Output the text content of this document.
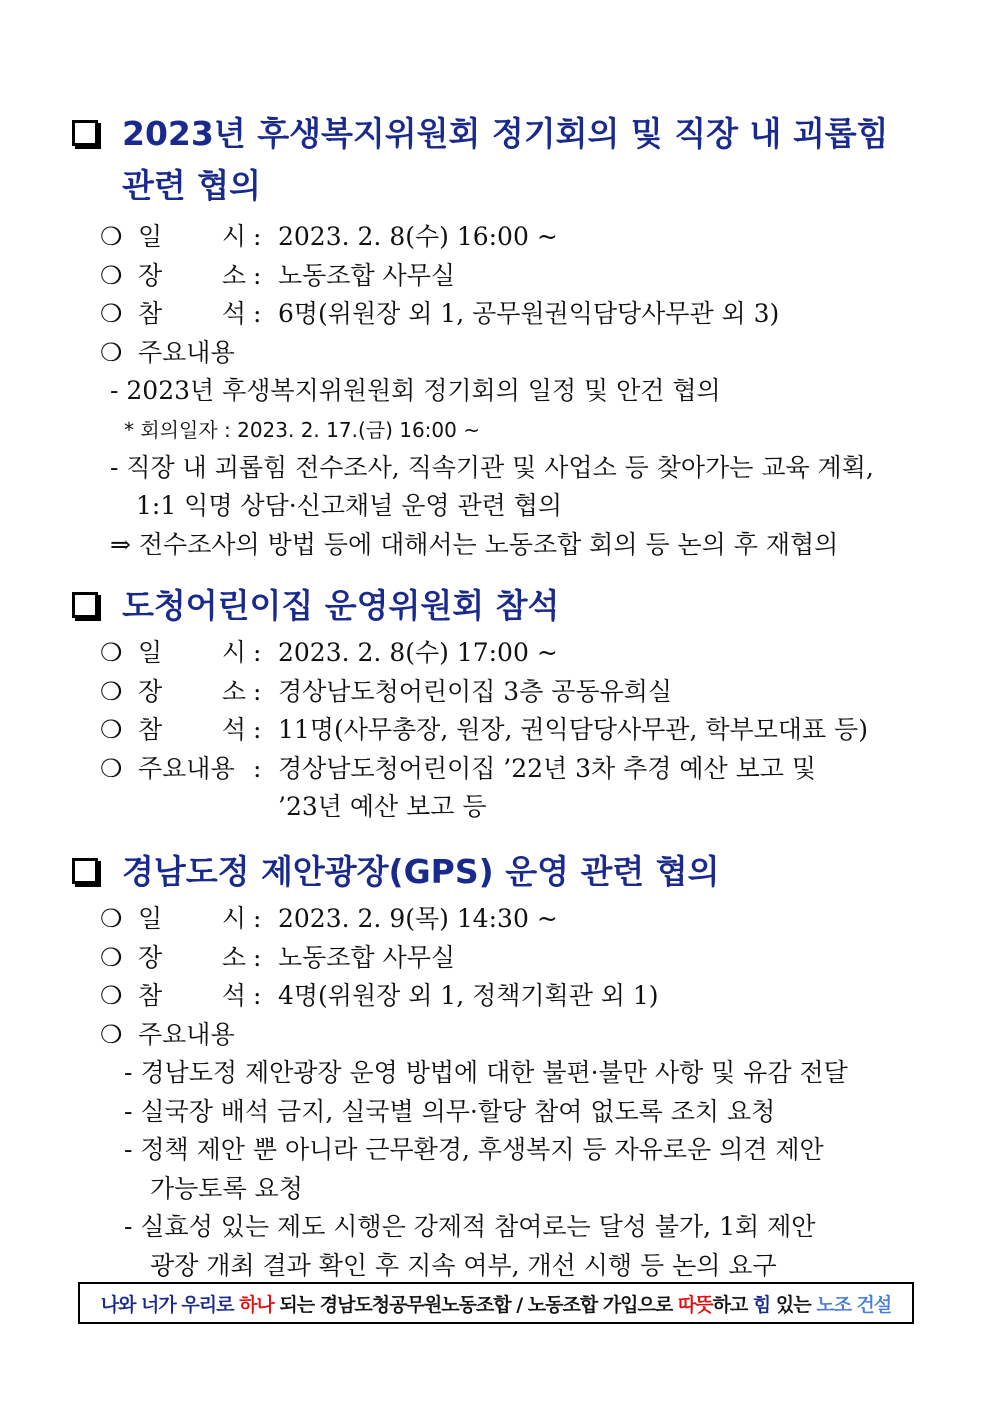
2023년 후생복지위원회 정기회의 및 직장 내 괴롭힘
관련 협의
❍ 일 시 : 2023. 2. 8(수) 16:00 ~
❍ 장 소 : 노동조합 사무실
❍ 참 석 : 6명(위원장 외 1, 공무원권익담당사무관 외 3)
❍ 주요내용
- 2023년 후생복지위원원회 정기회의 일정 및 안건 협의
* 회의일자 : 2023. 2. 17.(금) 16:00 ~
- 직장 내 괴롭힘 전수조사, 직속기관 및 사업소 등 찾아가는 교육 계획,
1:1 익명 상담·신고채널 운영 관련 협의
⇒ 전수조사의 방법 등에 대해서는 노동조합 회의 등 논의 후 재협의
도청어린이집 운영위원회 참석
❍ 일 시 : 2023. 2. 8(수) 17:00 ~
❍ 장 소 : 경상남도청어린이집 3층 공동유희실
❍ 참 석 : 11명(사무총장, 원장, 권익담당사무관, 학부모대표 등)
❍ 주요내용 : 경상남도청어린이집 ’22년 3차 추경 예산 보고 및
’23년 예산 보고 등
경남도정 제안광장(GPS) 운영 관련 협의
❍ 일 시 : 2023. 2. 9(목) 14:30 ~
❍ 장 소 : 노동조합 사무실
❍ 참 석 : 4명(위원장 외 1, 정책기획관 외 1)
❍ 주요내용
- 경남도정 제안광장 운영 방법에 대한 불편·불만 사항 및 유감 전달
- 실국장 배석 금지, 실국별 의무·할당 참여 없도록 조치 요청
- 정책 제안 뿐 아니라 근무환경, 후생복지 등 자유로운 의견 제안
가능토록 요청
- 실효성 있는 제도 시행은 강제적 참여로는 달성 불가, 1회 제안
광장 개최 결과 확인 후 지속 여부, 개선 시행 등 논의 요구
나와 너가 우리로 하나 되는 경남도청공무원노동조합 / 노동조합 가입으로 따뜻 하고 힘 있는 노조 건설
